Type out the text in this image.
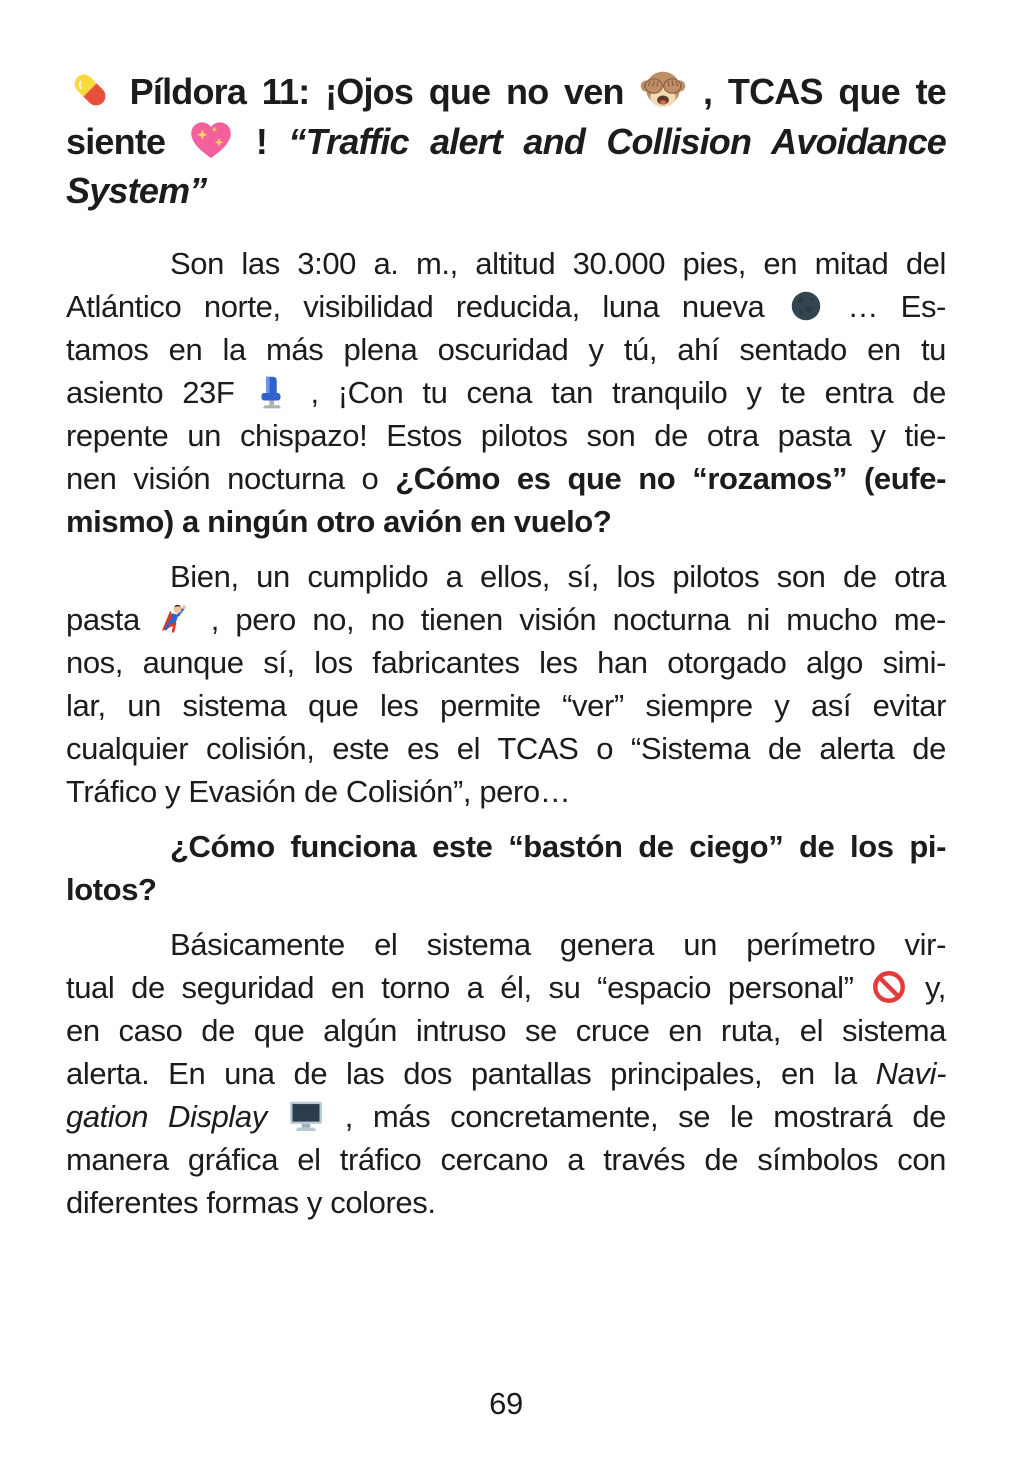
Píldora 11: ¡Ojos que no ven
, TCAS que te
siente	! “Traffic alert and Collision Avoidance
System”
Son las 3:00 a. m., altitud 30.000 pies, en mitad del
Atlántico norte, visibilidad reducida, luna nueva
… Es-
tamos en la más plena oscuridad y tú, ahí sentado en tu
asiento 23F
, ¡Con tu cena tan tranquilo y te entra de
repente un chispazo! Estos pilotos son de otra pasta y tie-
nen visión nocturna o ¿Cómo es que no “rozamos” (eufe-
mismo) a ningún otro avión en vuelo?
Bien, un cumplido a ellos, sí, los pilotos son de otra
pasta
, pero no, no tienen visión nocturna ni mucho me-
nos, aunque sí, los fabricantes les han otorgado algo simi-
lar, un sistema que les permite “ver” siempre y así evitar
cualquier colisión, este es el TCAS o “Sistema de alerta de
Tráfico y Evasión de Colisión”, pero…
¿Cómo funciona este “bastón de ciego” de los pi-
lotos?
Básicamente el sistema genera un perímetro vir-
tual de seguridad en torno a él, su “espacio personal”
y,
en caso de que algún intruso se cruce en ruta, el sistema
alerta. En una de las dos pantallas principales, en la Navi-
gation Display
, más concretamente, se le mostrará de
manera gráfica el tráfico cercano a través de símbolos con
diferentes formas y colores.
69
